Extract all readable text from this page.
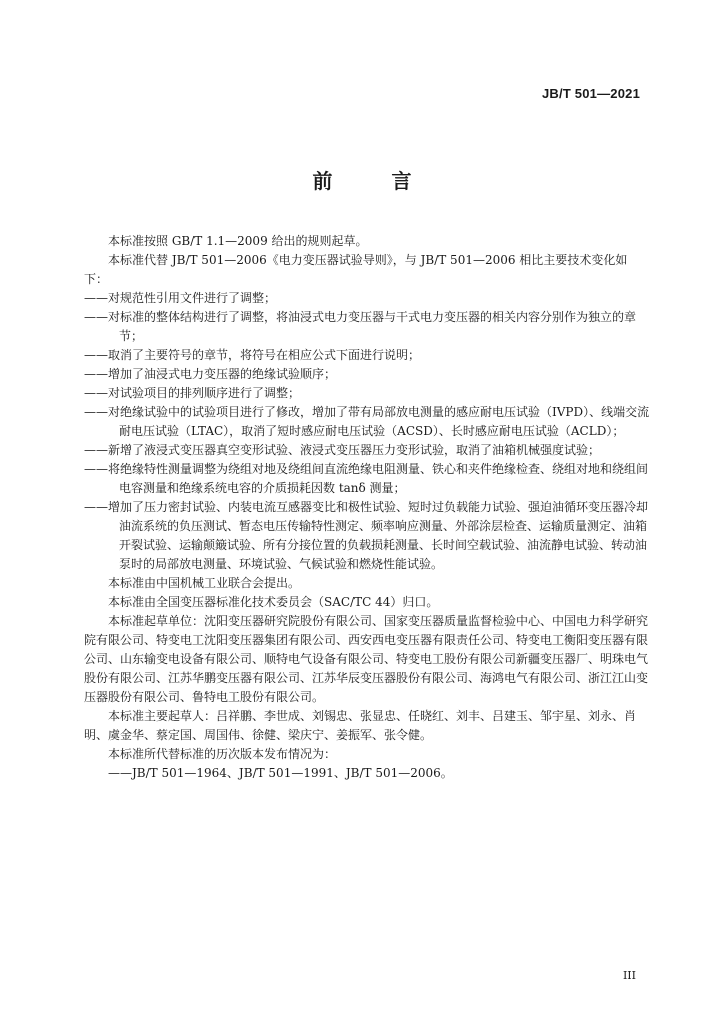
JB/T 501—2021
前 言

本标准按照 GB/T 1.1—2009 给出的规则起草。

本标准代替 JB/T 501—2006《电力变压器试验导则》，与 JB/T 501—2006 相比主要技术变化如下：

——对规范性引用文件进行了调整；

——对标准的整体结构进行了调整，将油浸式电力变压器与干式电力变压器的相关内容分别作为独立的章节；

——取消了主要符号的章节，将符号在相应公式下面进行说明；

——增加了油浸式电力变压器的绝缘试验顺序；

——对试验项目的排列顺序进行了调整；

——对绝缘试验中的试验项目进行了修改，增加了带有局部放电测量的感应耐电压试验（IVPD）、线端交流耐电压试验（LTAC），取消了短时感应耐电压试验（ACSD）、长时感应耐电压试验（ACLD）；

——新增了液浸式变压器真空变形试验、液浸式变压器压力变形试验，取消了油箱机械强度试验；

——将绝缘特性测量调整为绕组对地及绕组间直流绝缘电阻测量、铁心和夹件绝缘检查、绕组对地和绕组间电容测量和绝缘系统电容的介质损耗因数 tanδ 测量；

——增加了压力密封试验、内装电流互感器变比和极性试验、短时过负载能力试验、强迫油循环变压器冷却油流系统的负压测试、暂态电压传输特性测定、频率响应测量、外部涂层检查、运输质量测定、油箱开裂试验、运输颠簸试验、所有分接位置的负载损耗测量、长时间空载试验、油流静电试验、转动油泵时的局部放电测量、环境试验、气候试验和燃烧性能试验。

本标准由中国机械工业联合会提出。

本标准由全国变压器标准化技术委员会（SAC/TC 44）归口。

本标准起草单位：沈阳变压器研究院股份有限公司、国家变压器质量监督检验中心、中国电力科学研究院有限公司、特变电工沈阳变压器集团有限公司、西安西电变压器有限责任公司、特变电工衡阳变压器有限公司、山东输变电设备有限公司、顺特电气设备有限公司、特变电工股份有限公司新疆变压器厂、明珠电气股份有限公司、江苏华鹏变压器有限公司、江苏华辰变压器股份有限公司、海鸿电气有限公司、浙江江山变压器股份有限公司、鲁特电工股份有限公司。

本标准主要起草人：吕祥鹏、李世成、刘锡忠、张显忠、任晓红、刘丰、吕建玉、邹宇星、刘永、肖明、虞金华、蔡定国、周国伟、徐健、梁庆宁、姜振军、张令健。

本标准所代替标准的历次版本发布情况为：

——JB/T 501—1964、JB/T 501—1991、JB/T 501—2006。

III
